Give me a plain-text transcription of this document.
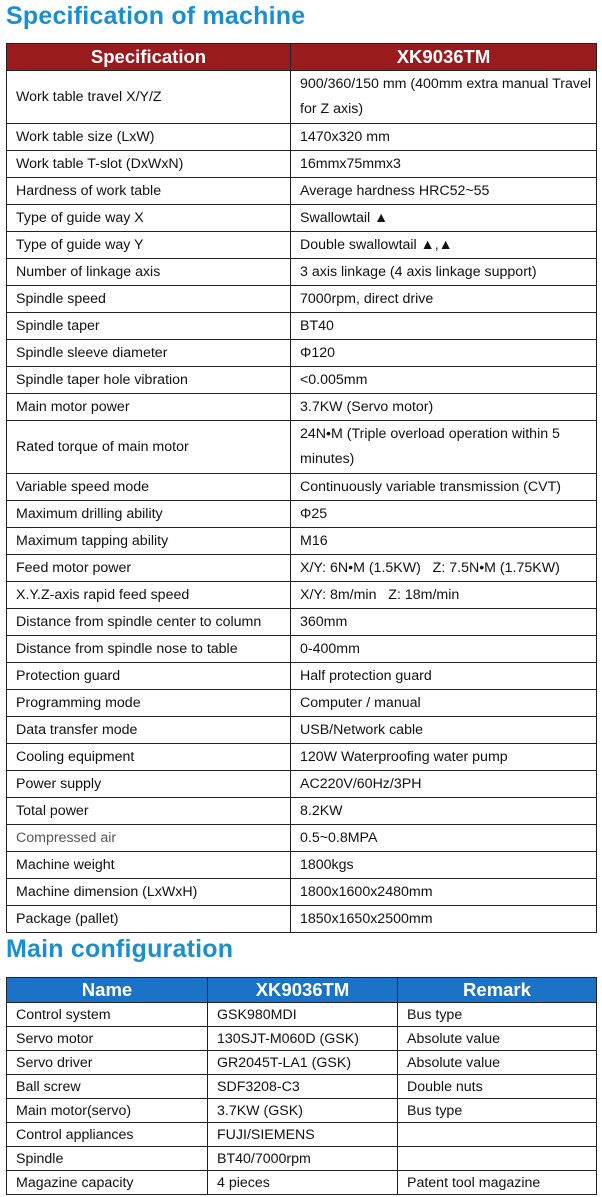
Specification of machine
Specification	XK9036TM
Work table travel X/Y/Z	900/360/150 mm (400mm extra manual Travel for Z axis)
Work table size (LxW)	1470x320 mm
Work table T-slot (DxWxN)	16mmx75mmx3
Hardness of work table	Average hardness HRC52~55
Type of guide way X	Swallowtail ▲
Type of guide way Y	Double swallowtail ▲,▲
Number of linkage axis	3 axis linkage (4 axis linkage support)
Spindle speed	7000rpm, direct drive
Spindle taper	BT40
Spindle sleeve diameter	Φ120
Spindle taper hole vibration	<0.005mm
Main motor power	3.7KW (Servo motor)
Rated torque of main motor	24N•M (Triple overload operation within 5 minutes)
Variable speed mode	Continuously variable transmission (CVT)
Maximum drilling ability	Φ25
Maximum tapping ability	M16
Feed motor power	X/Y: 6N•M (1.5KW)   Z: 7.5N•M (1.75KW)
X.Y.Z-axis rapid feed speed	X/Y: 8m/min   Z: 18m/min
Distance from spindle center to column	360mm
Distance from spindle nose to table	0-400mm
Protection guard	Half protection guard
Programming mode	Computer / manual
Data transfer mode	USB/Network cable
Cooling equipment	120W Waterproofing water pump
Power supply	AC220V/60Hz/3PH
Total power	8.2KW
Compressed air	0.5~0.8MPA
Machine weight	1800kgs
Machine dimension (LxWxH)	1800x1600x2480mm
Package (pallet)	1850x1650x2500mm
Main configuration
Name	XK9036TM	Remark
Control system	GSK980MDI	Bus type
Servo motor	130SJT-M060D (GSK)	Absolute value
Servo driver	GR2045T-LA1 (GSK)	Absolute value
Ball screw	SDF3208-C3	Double nuts
Main motor(servo)	3.7KW (GSK)	Bus type
Control appliances	FUJI/SIEMENS	
Spindle	BT40/7000rpm	
Magazine capacity	4 pieces	Patent tool magazine
